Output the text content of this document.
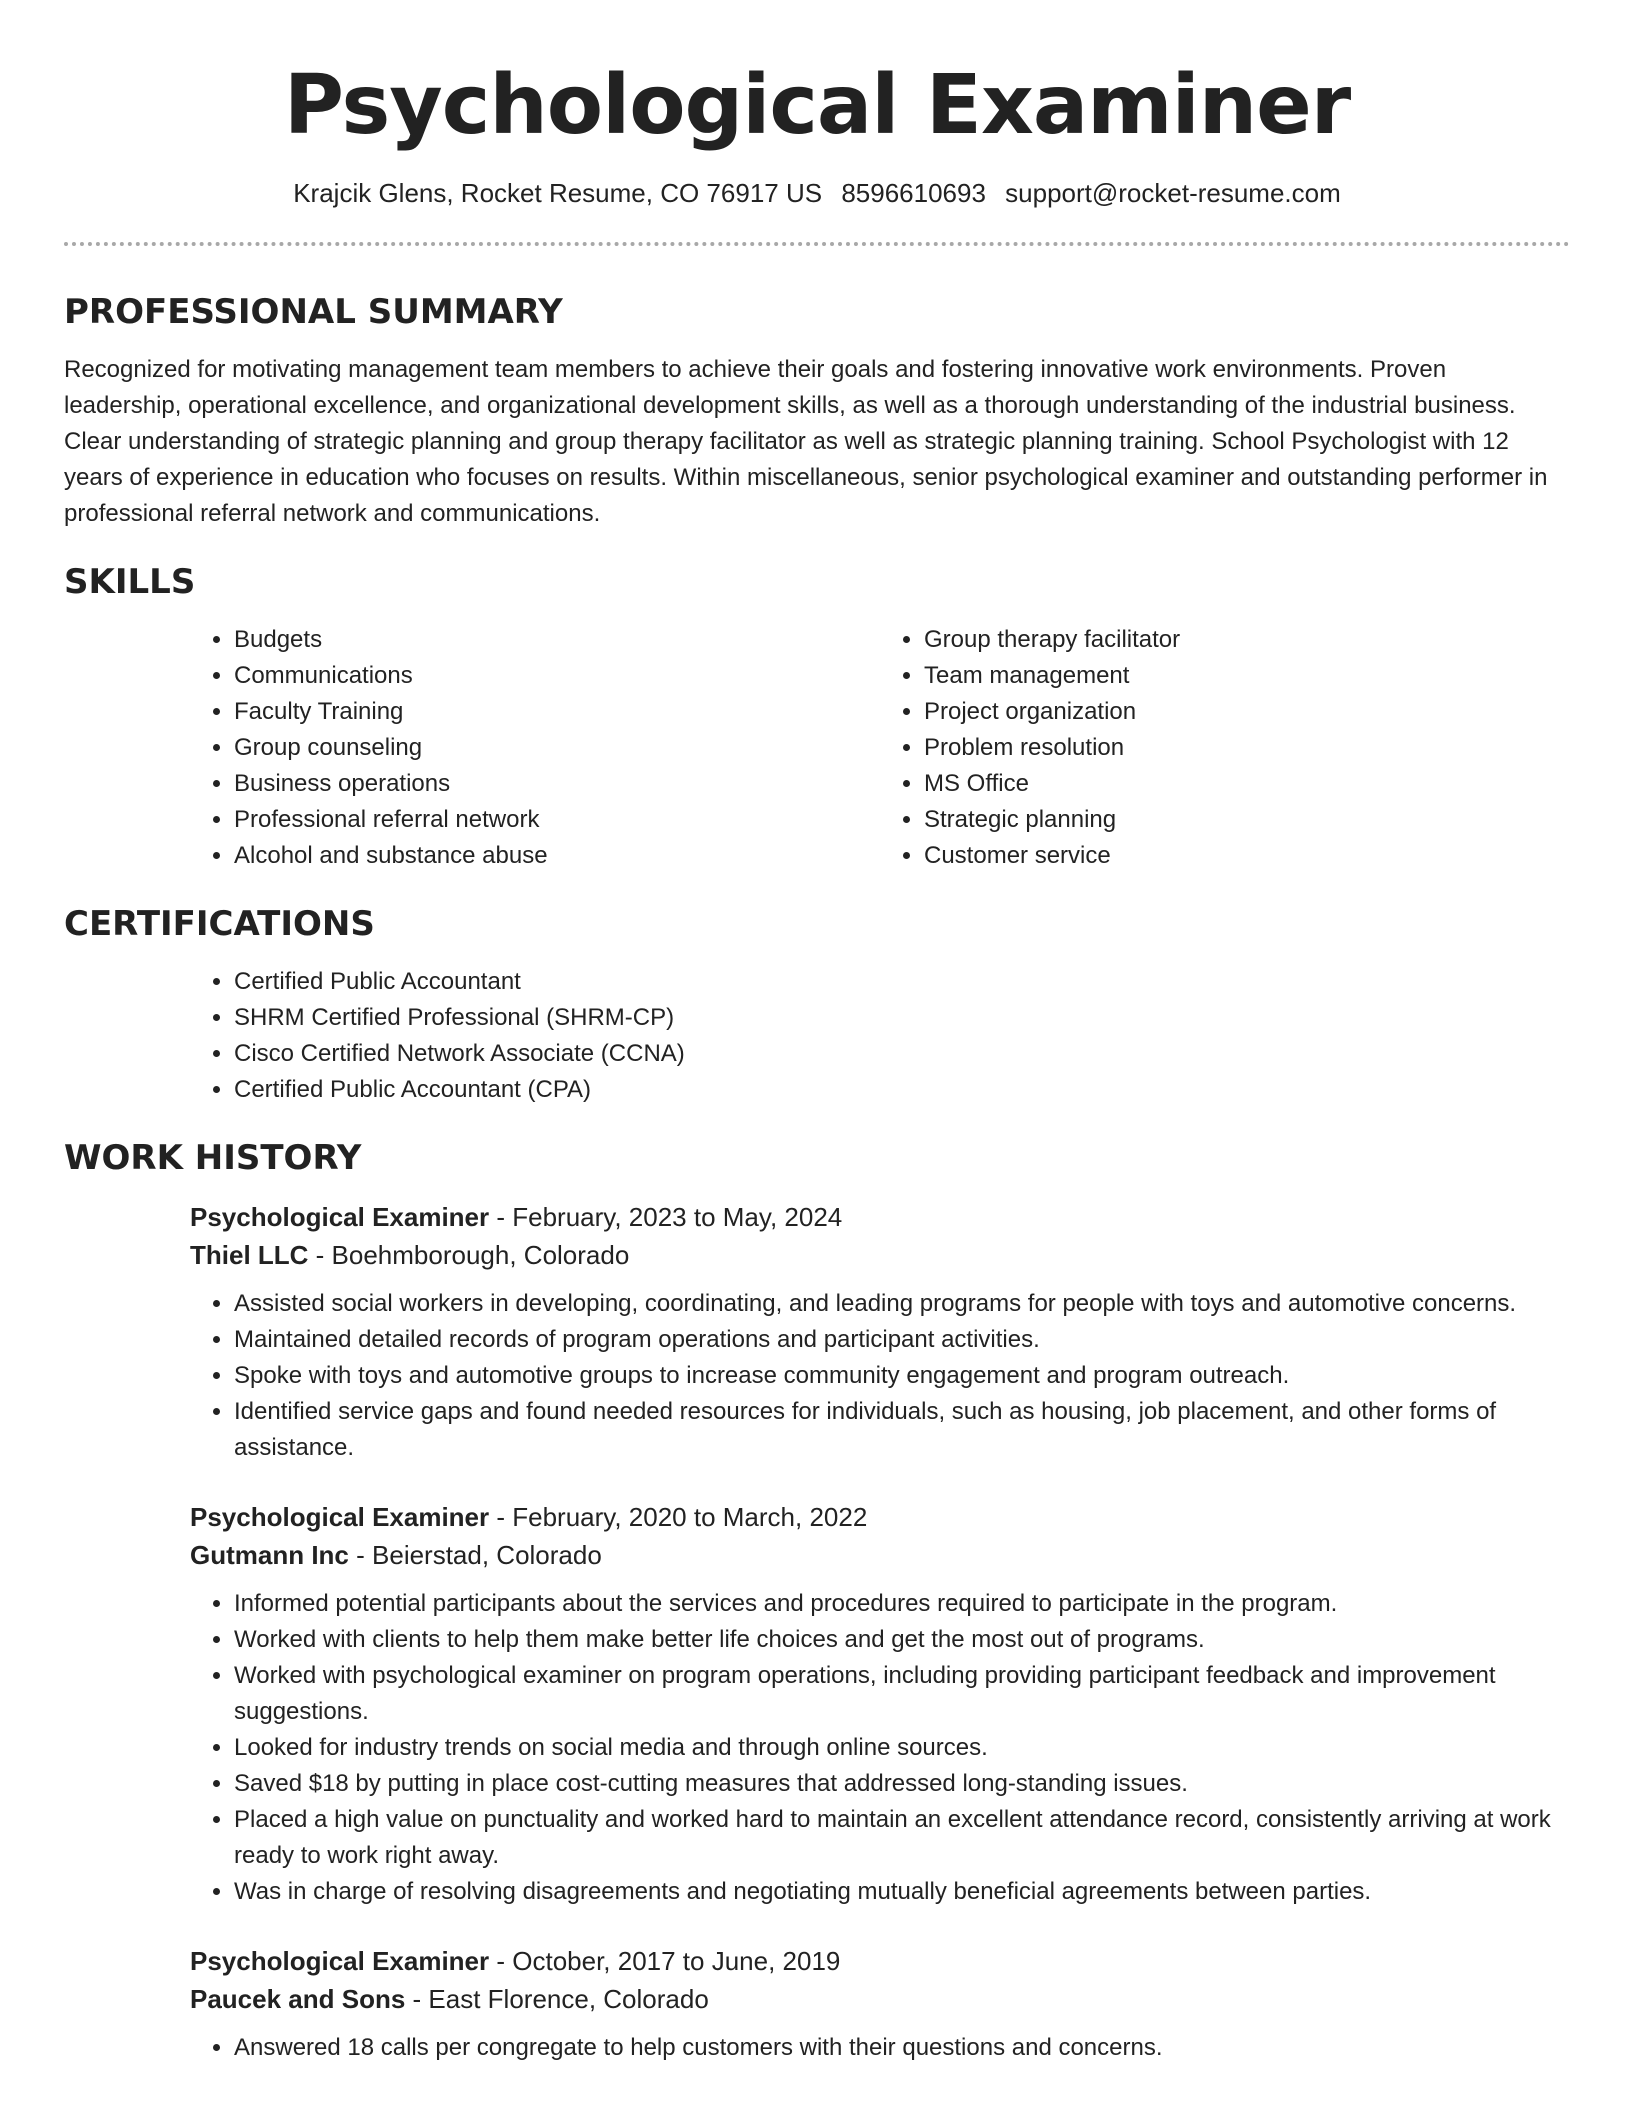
Psychological Examiner
Krajcik Glens, Rocket Resume, CO 76917 US 8596610693 support@rocket-resume.com
PROFESSIONAL SUMMARY

Recognized for motivating management team members to achieve their goals and fostering innovative work environments. Proven leadership, operational excellence, and organizational development skills, as well as a thorough understanding of the industrial business. Clear understanding of strategic planning and group therapy facilitator as well as strategic planning training. School Psychologist with 12 years of experience in education who focuses on results. Within miscellaneous, senior psychological examiner and outstanding performer in professional referral network and communications.

SKILLS
• Budgets
• Communications
• Faculty Training
• Group counseling
• Business operations
• Professional referral network
• Alcohol and substance abuse
• Group therapy facilitator
• Team management
• Project organization
• Problem resolution
• MS Office
• Strategic planning
• Customer service
CERTIFICATIONS
• Certified Public Accountant
• SHRM Certified Professional (SHRM-CP)
• Cisco Certified Network Associate (CCNA)
• Certified Public Accountant (CPA)
WORK HISTORY
Psychological Examiner - February, 2023 to May, 2024
Thiel LLC - Boehmborough, Colorado
• Assisted social workers in developing, coordinating, and leading programs for people with toys and automotive concerns.
• Maintained detailed records of program operations and participant activities.
• Spoke with toys and automotive groups to increase community engagement and program outreach.
• Identified service gaps and found needed resources for individuals, such as housing, job placement, and other forms of assistance.
Psychological Examiner - February, 2020 to March, 2022
Gutmann Inc - Beierstad, Colorado
• Informed potential participants about the services and procedures required to participate in the program.
• Worked with clients to help them make better life choices and get the most out of programs.
• Worked with psychological examiner on program operations, including providing participant feedback and improvement suggestions.
• Looked for industry trends on social media and through online sources.
• Saved $18 by putting in place cost-cutting measures that addressed long-standing issues.
• Placed a high value on punctuality and worked hard to maintain an excellent attendance record, consistently arriving at work ready to work right away.
• Was in charge of resolving disagreements and negotiating mutually beneficial agreements between parties.
Psychological Examiner - October, 2017 to June, 2019
Paucek and Sons - East Florence, Colorado
• Answered 18 calls per congregate to help customers with their questions and concerns.
